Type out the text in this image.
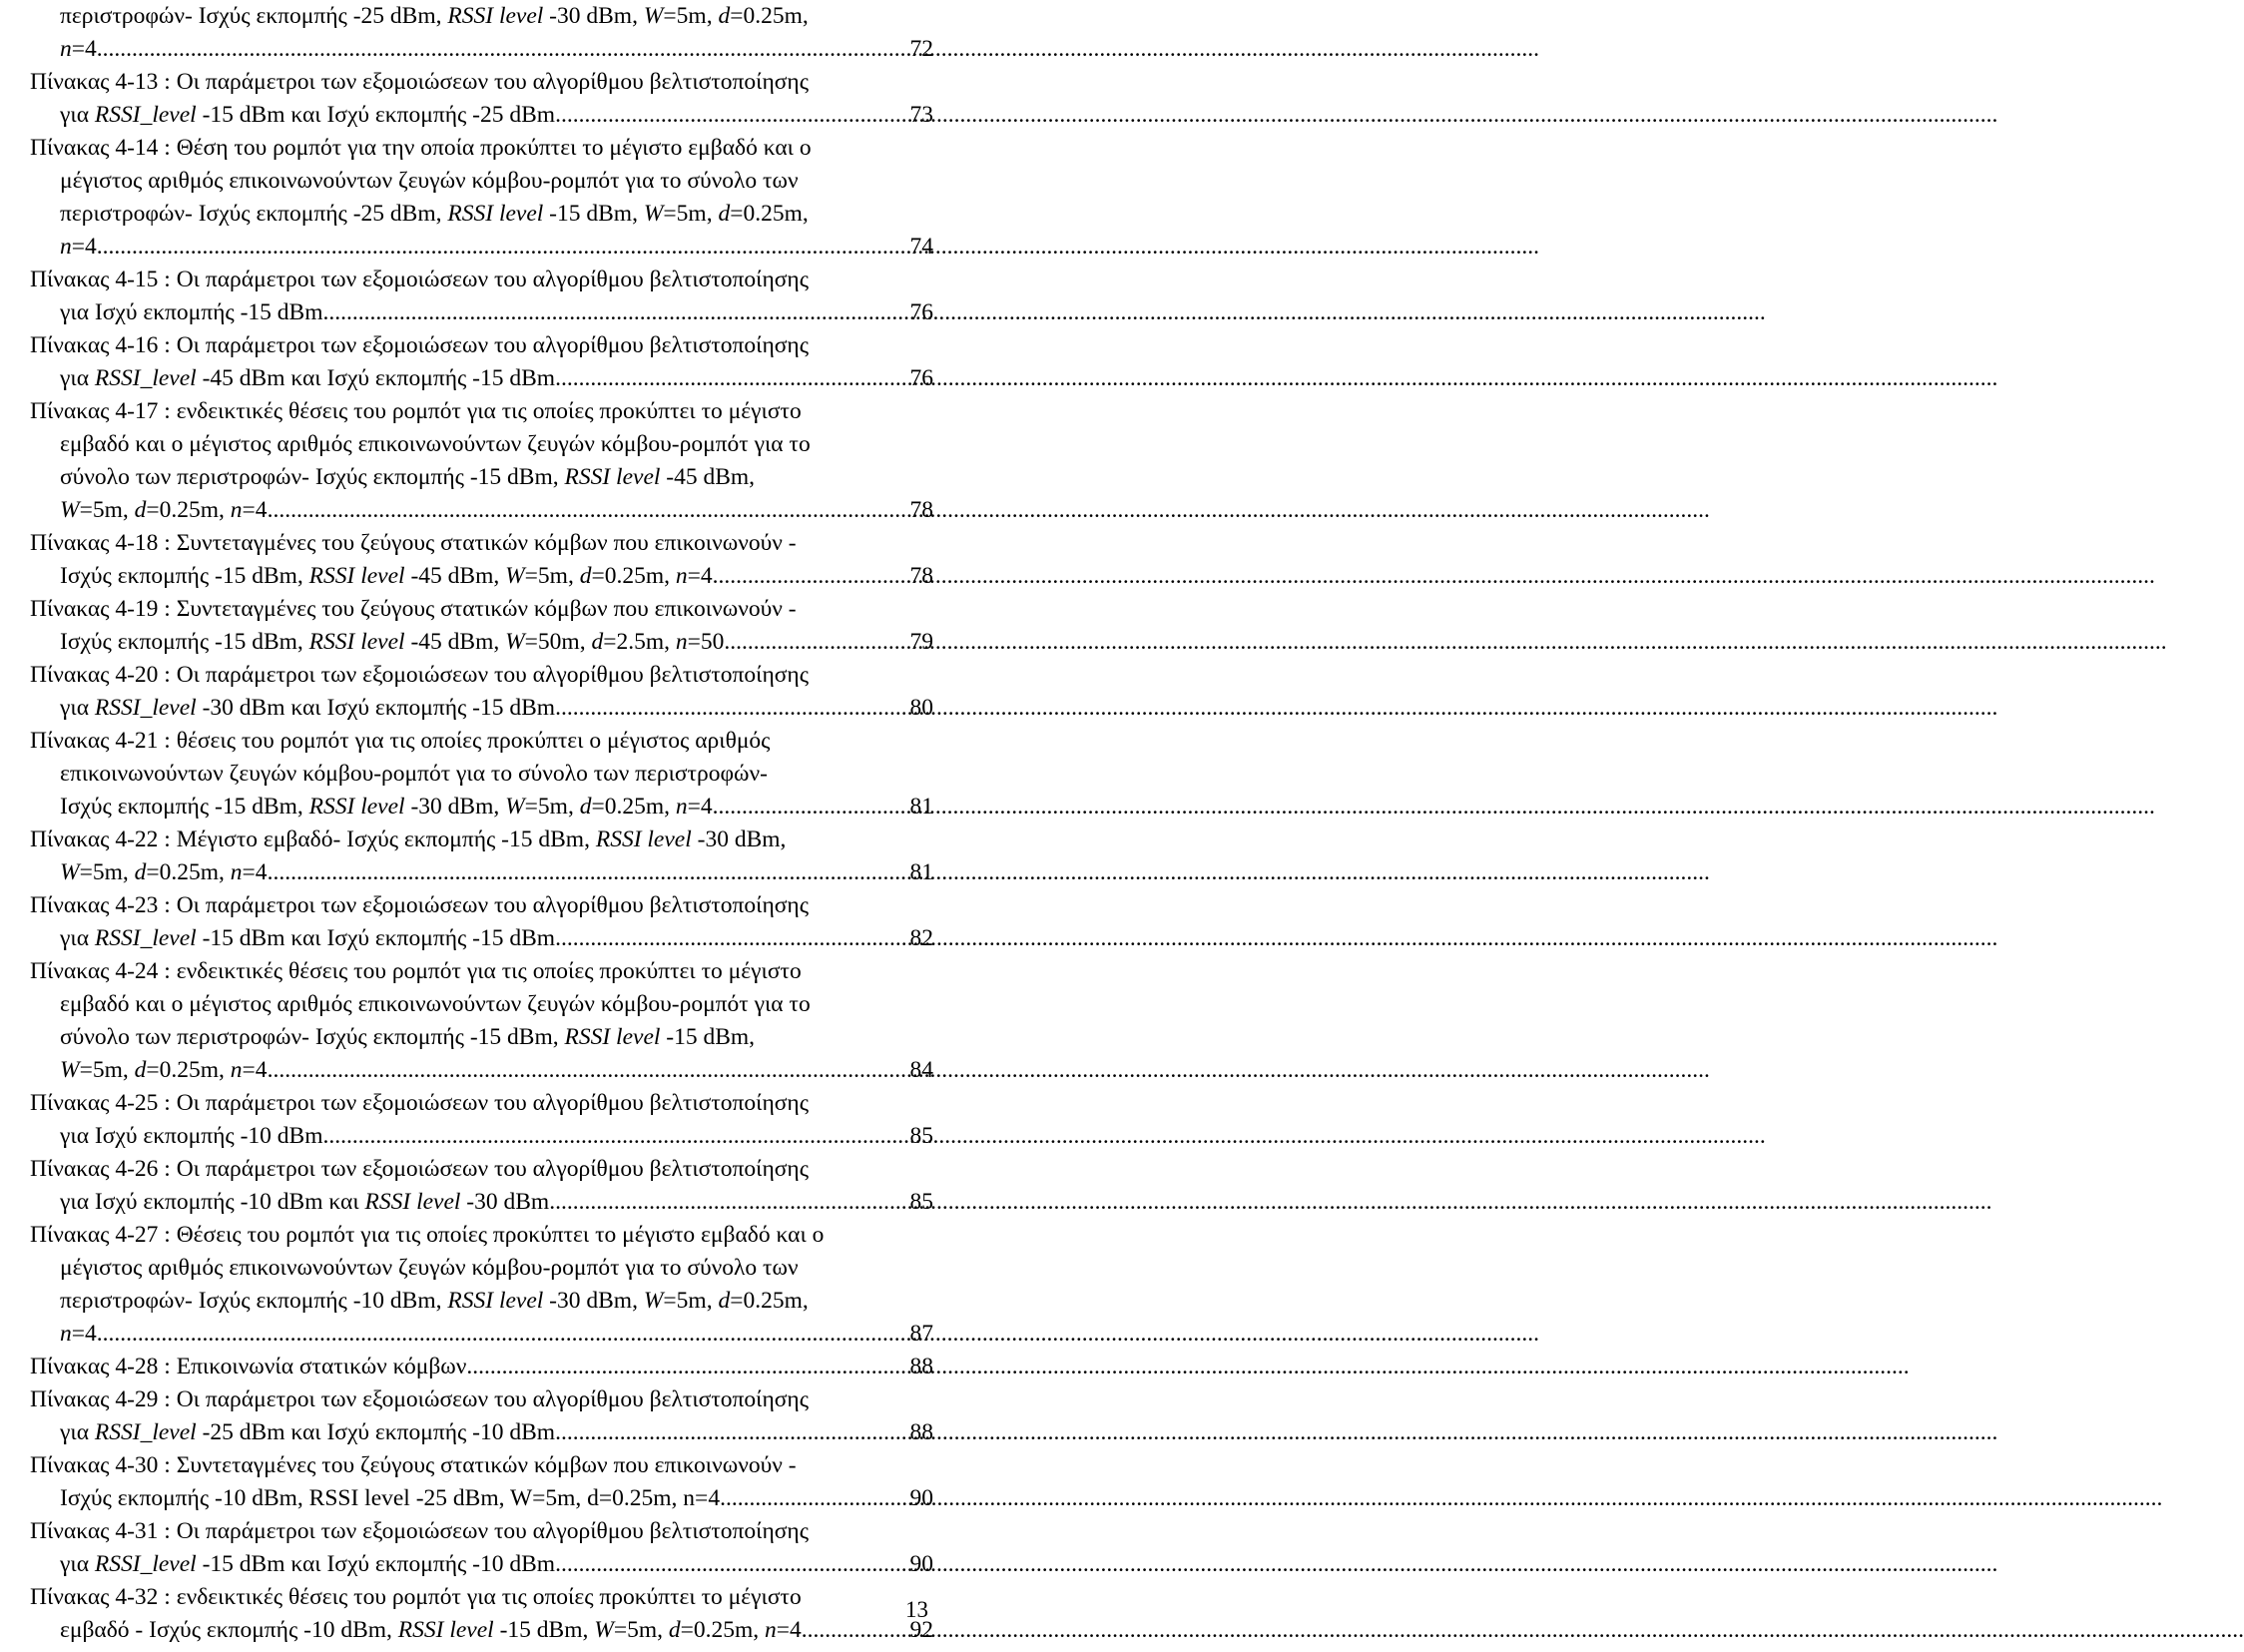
περιστροφών- Ισχύς εκπομπής -25 dBm, RSSI level -30 dBm, W=5m, d=0.25m,
n=4 .....	72
Πίνακας 4-13 : Οι παράμετροι των εξομοιώσεων του αλγορίθμου βελτιστοποίησης
για RSSI_level -15 dBm και Ισχύ εκπομπής -25 dBm .....	73
Πίνακας 4-14 : Θέση του ρομπότ για την οποία προκύπτει το μέγιστο εμβαδό και ο
μέγιστος αριθμός επικοινωνούντων ζευγών κόμβου-ρομπότ για το σύνολο των
περιστροφών- Ισχύς εκπομπής -25 dBm, RSSI level -15 dBm, W=5m, d=0.25m,
n=4 .....	74
Πίνακας 4-15 : Οι παράμετροι των εξομοιώσεων του αλγορίθμου βελτιστοποίησης
για Ισχύ εκπομπής -15 dBm .....	76
Πίνακας 4-16 : Οι παράμετροι των εξομοιώσεων του αλγορίθμου βελτιστοποίησης
για RSSI_level -45 dBm και Ισχύ εκπομπής -15 dBm .....	76
Πίνακας 4-17 : ενδεικτικές θέσεις του ρομπότ για τις οποίες προκύπτει το μέγιστο
εμβαδό και ο μέγιστος αριθμός επικοινωνούντων ζευγών κόμβου-ρομπότ για το
σύνολο των περιστροφών- Ισχύς εκπομπής -15 dBm, RSSI level -45 dBm,
W=5m, d=0.25m, n=4 .....	78
Πίνακας 4-18 : Συντεταγμένες του ζεύγους στατικών κόμβων που επικοινωνούν -
Ισχύς εκπομπής -15 dBm, RSSI level -45 dBm, W=5m, d=0.25m, n=4 .....	78
Πίνακας 4-19 : Συντεταγμένες του ζεύγους στατικών κόμβων που επικοινωνούν -
Ισχύς εκπομπής -15 dBm, RSSI level -45 dBm, W=50m, d=2.5m, n=50 .....	79
Πίνακας 4-20 : Οι παράμετροι των εξομοιώσεων του αλγορίθμου βελτιστοποίησης
για RSSI_level -30 dBm και Ισχύ εκπομπής -15 dBm .....	80
Πίνακας 4-21 : θέσεις του ρομπότ για τις οποίες προκύπτει ο μέγιστος αριθμός
επικοινωνούντων ζευγών κόμβου-ρομπότ για το σύνολο των περιστροφών-
Ισχύς εκπομπής -15 dBm, RSSI level -30 dBm, W=5m, d=0.25m, n=4 .....	81
Πίνακας 4-22 : Μέγιστο εμβαδό- Ισχύς εκπομπής -15 dBm, RSSI level -30 dBm,
W=5m, d=0.25m, n=4 .....	81
Πίνακας 4-23 : Οι παράμετροι των εξομοιώσεων του αλγορίθμου βελτιστοποίησης
για RSSI_level -15 dBm και Ισχύ εκπομπής -15 dBm .....	82
Πίνακας 4-24 : ενδεικτικές θέσεις του ρομπότ για τις οποίες προκύπτει το μέγιστο
εμβαδό και ο μέγιστος αριθμός επικοινωνούντων ζευγών κόμβου-ρομπότ για το
σύνολο των περιστροφών- Ισχύς εκπομπής -15 dBm, RSSI level -15 dBm,
W=5m, d=0.25m, n=4 .....	84
Πίνακας 4-25 : Οι παράμετροι των εξομοιώσεων του αλγορίθμου βελτιστοποίησης
για Ισχύ εκπομπής -10 dBm .....	85
Πίνακας 4-26 : Οι παράμετροι των εξομοιώσεων του αλγορίθμου βελτιστοποίησης
για Ισχύ εκπομπής -10 dBm και RSSI level -30 dBm .....	85
Πίνακας 4-27 : Θέσεις του ρομπότ για τις οποίες προκύπτει το μέγιστο εμβαδό και ο
μέγιστος αριθμός επικοινωνούντων ζευγών κόμβου-ρομπότ για το σύνολο των
περιστροφών- Ισχύς εκπομπής -10 dBm, RSSI level -30 dBm, W=5m, d=0.25m,
n=4 .....	87
Πίνακας 4-28 : Επικοινωνία στατικών κόμβων .....	88
Πίνακας 4-29 : Οι παράμετροι των εξομοιώσεων του αλγορίθμου βελτιστοποίησης
για RSSI_level -25 dBm και Ισχύ εκπομπής -10 dBm .....	88
Πίνακας 4-30 : Συντεταγμένες του ζεύγους στατικών κόμβων που επικοινωνούν -
Ισχύς εκπομπής -10 dBm, RSSI level -25 dBm, W=5m, d=0.25m, n=4 .....	90
Πίνακας 4-31 : Οι παράμετροι των εξομοιώσεων του αλγορίθμου βελτιστοποίησης
για RSSI_level -15 dBm και Ισχύ εκπομπής -10 dBm .....	90
Πίνακας 4-32 : ενδεικτικές θέσεις του ρομπότ για τις οποίες προκύπτει το μέγιστο
εμβαδό - Ισχύς εκπομπής -10 dBm, RSSI level -15 dBm, W=5m, d=0.25m, n=4 .....	92
13
